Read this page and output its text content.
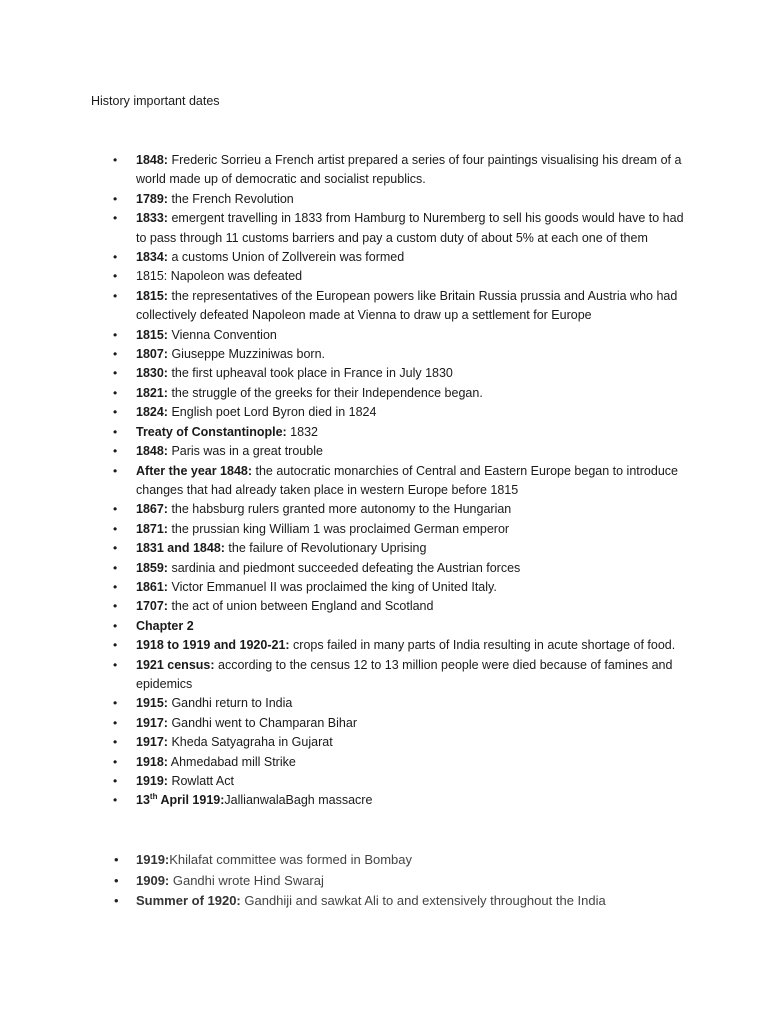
History important dates
• 1848: Frederic Sorrieu a French artist prepared a series of four paintings visualising his dream of a world made up of democratic and socialist republics.
• 1789: the French Revolution
• 1833: emergent travelling in 1833 from Hamburg to Nuremberg to sell his goods would have to had to pass through 11 customs barriers and pay a custom duty of about 5% at each one of them
• 1834: a customs Union of Zollverein was formed
• 1815: Napoleon was defeated
• 1815: the representatives of the European powers like Britain Russia prussia and Austria who had collectively defeated Napoleon made at Vienna to draw up a settlement for Europe
• 1815: Vienna Convention
• 1807: Giuseppe Muzziniwas born.
• 1830: the first upheaval took place in France in July 1830
• 1821: the struggle of the greeks for their Independence began.
• 1824: English poet Lord Byron died in 1824
• Treaty of Constantinople: 1832
• 1848: Paris was in a great trouble
• After the year 1848: the autocratic monarchies of Central and Eastern Europe began to introduce changes that had already taken place in western Europe before 1815
• 1867: the habsburg rulers granted more autonomy to the Hungarian
• 1871: the prussian king William 1 was proclaimed German emperor
• 1831 and 1848: the failure of Revolutionary Uprising
• 1859: sardinia and piedmont succeeded defeating the Austrian forces
• 1861: Victor Emmanuel II was proclaimed the king of United Italy.
• 1707: the act of union between England and Scotland
• Chapter 2
• 1918 to 1919 and 1920-21: crops failed in many parts of India resulting in acute shortage of food.
• 1921 census: according to the census 12 to 13 million people were died because of famines and epidemics
• 1915: Gandhi return to India
• 1917: Gandhi went to Champaran Bihar
• 1917: Kheda Satyagraha in Gujarat
• 1918: Ahmedabad mill Strike
• 1919: Rowlatt Act
• 13th April 1919:JallianwalaBagh massacre
• 1919:Khilafat committee was formed in Bombay
• 1909: Gandhi wrote Hind Swaraj
• Summer of 1920: Gandhiji and sawkat Ali to and extensively throughout the India
